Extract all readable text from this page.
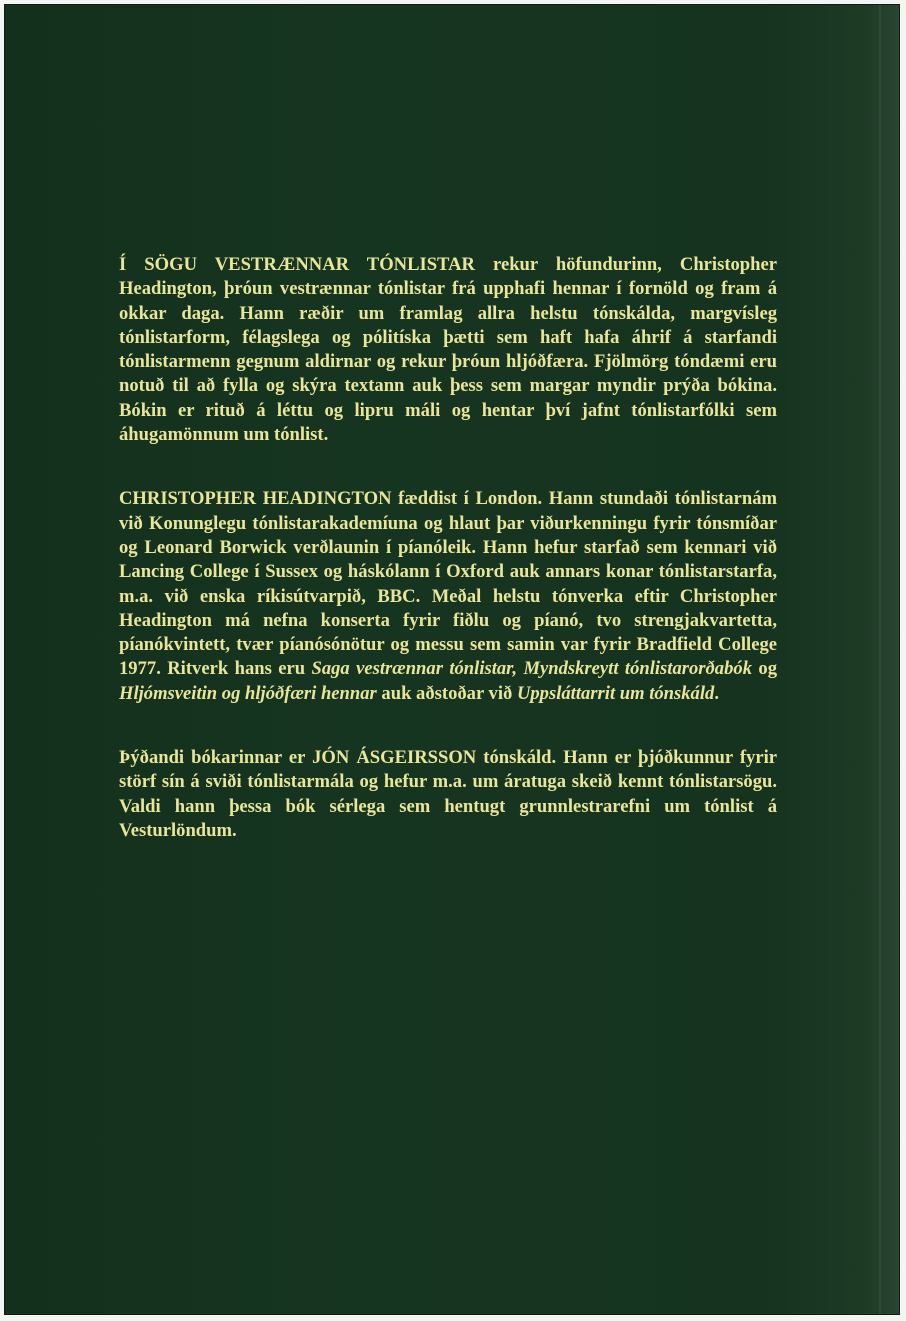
Í SÖGU VESTRÆNNAR TÓNLISTAR rekur höfundurinn, Christopher Headington, þróun vestrænnar tónlistar frá upphafi hennar í fornöld og fram á okkar daga. Hann ræðir um framlag allra helstu tónskálda, margvísleg tónlistarform, félagslega og pólitíska þætti sem haft hafa áhrif á starfandi tónlistarmenn gegnum aldirnar og rekur þróun hljóðfæra. Fjölmörg tóndæmi eru notuð til að fylla og skýra textann auk þess sem margar myndir prýða bókina. Bókin er rituð á léttu og lipru máli og hentar því jafnt tónlistarfólki sem áhugamönnum um tónlist.

CHRISTOPHER HEADINGTON fæddist í London. Hann stundaði tónlistarnám við Konunglegu tónlistarakademíuna og hlaut þar viðurkenningu fyrir tónsmíðar og Leonard Borwick verðlaunin í píanóleik. Hann hefur starfað sem kennari við Lancing College í Sussex og háskólann í Oxford auk annars konar tónlistarstarfa, m.a. við enska ríkisútvarpið, BBC. Meðal helstu tónverka eftir Christopher Headington má nefna konserta fyrir fiðlu og píanó, tvo strengjakvartetta, píanókvintett, tvær píanósónötur og messu sem samin var fyrir Bradfield College 1977. Ritverk hans eru Saga vestrænnar tónlistar, Myndskreytt tónlistarorðabók og Hljómsveitin og hljóðfæri hennar auk aðstoðar við Uppsláttarrit um tónskáld.

Þýðandi bókarinnar er JÓN ÁSGEIRSSON tónskáld. Hann er þjóðkunnur fyrir störf sín á sviði tónlistarmála og hefur m.a. um áratuga skeið kennt tónlistarsögu. Valdi hann þessa bók sérlega sem hentugt grunnlestrarefni um tónlist á Vesturlöndum.
